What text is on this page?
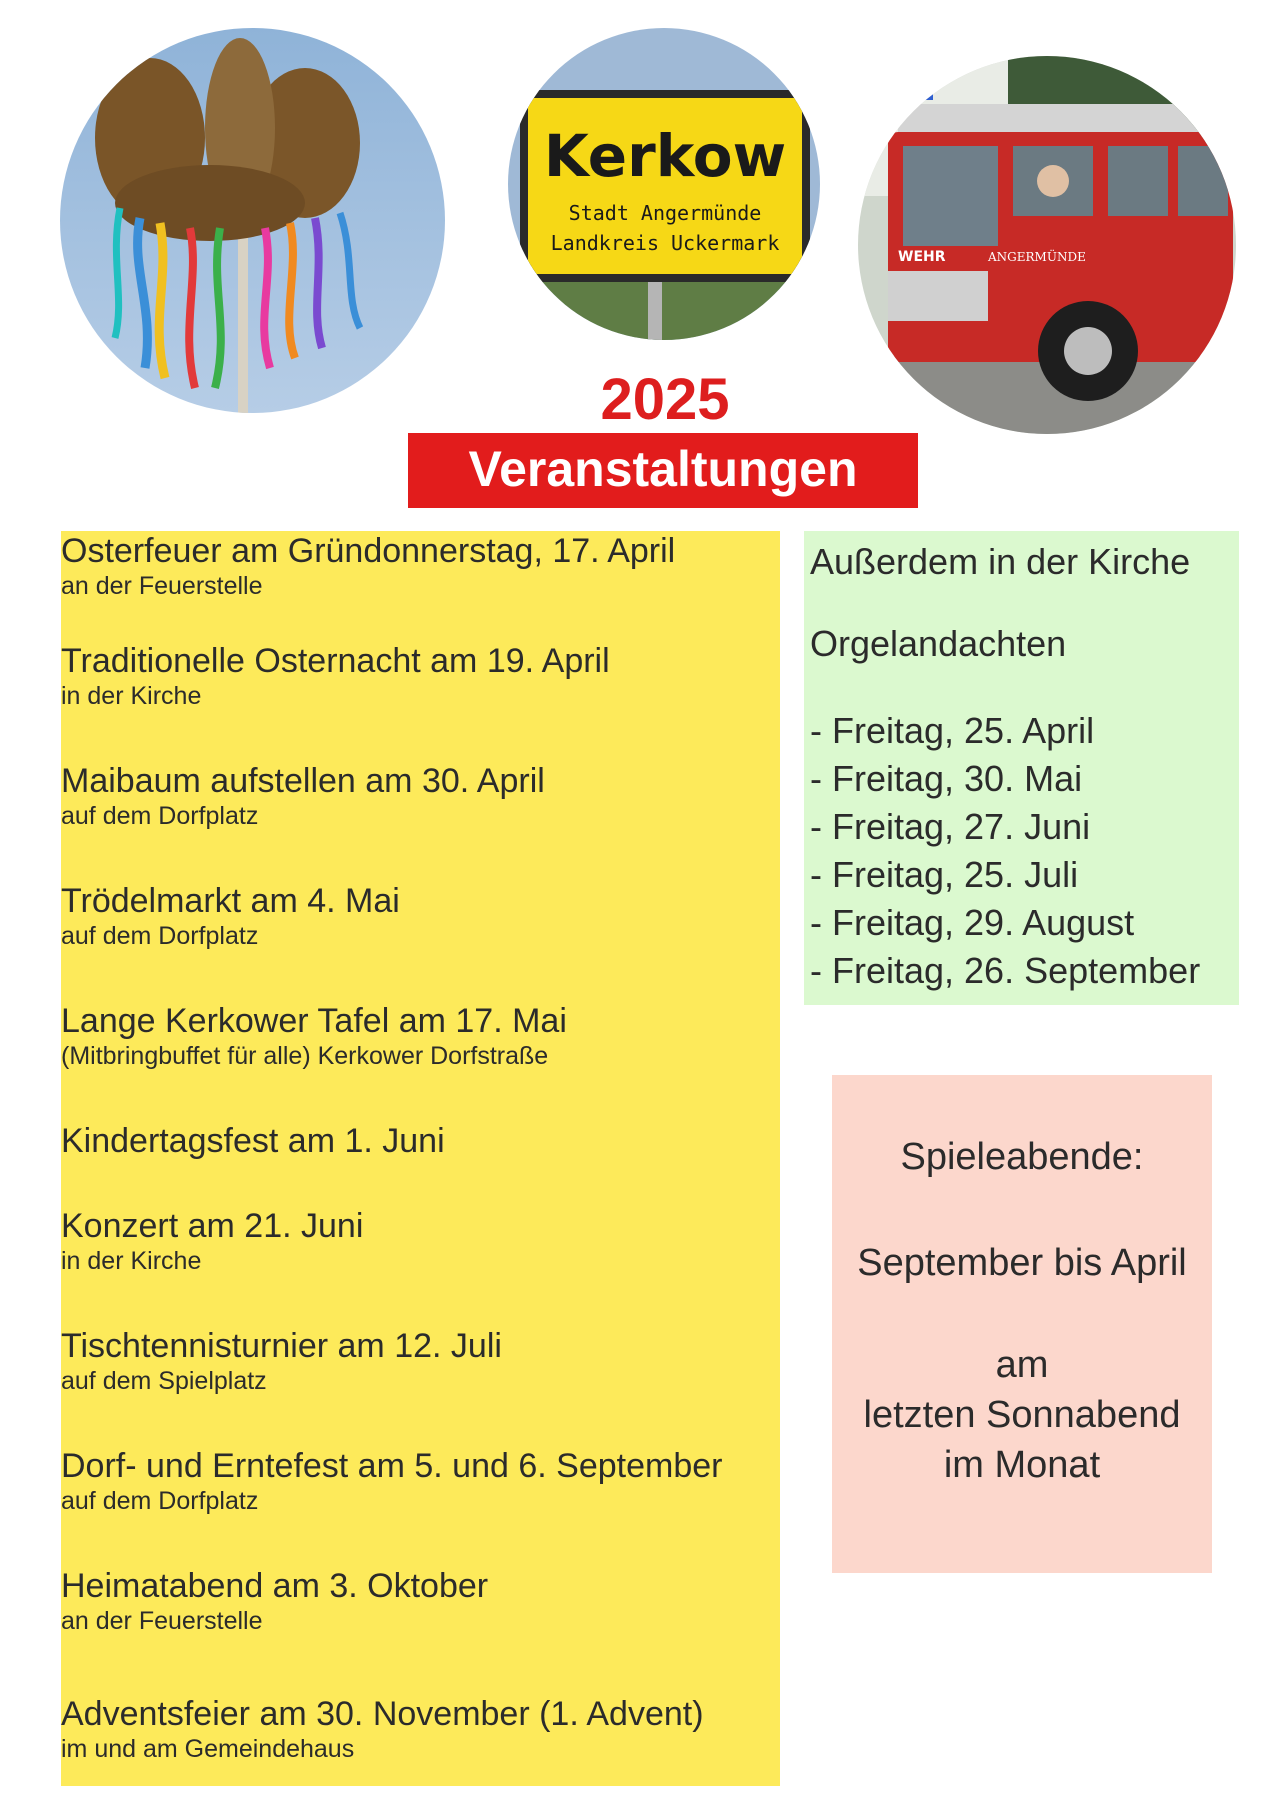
Kerkow
Stadt Angermünde
Landkreis Uckermark
WEHR	ANGERMÜNDE
2025
Veranstaltungen
Osterfeuer am Gründonnerstag, 17. April
an der Feuerstelle
Traditionelle Osternacht am 19. April
in der Kirche
Maibaum aufstellen am 30. April
auf dem Dorfplatz
Trödelmarkt am 4. Mai
auf dem Dorfplatz
Lange Kerkower Tafel am 17. Mai
(Mitbringbuffet für alle) Kerkower Dorfstraße
Kindertagsfest am 1. Juni
Konzert am 21. Juni
in der Kirche
Tischtennisturnier am 12. Juli
auf dem Spielplatz
Dorf- und Erntefest am 5. und 6. September
auf dem Dorfplatz
Heimatabend am 3. Oktober
an der Feuerstelle
Adventsfeier am 30. November (1. Advent)
im und am Gemeindehaus
Außerdem in der Kirche
Orgelandachten
- Freitag, 25. April
- Freitag, 30. Mai
- Freitag, 27. Juni
- Freitag, 25. Juli
- Freitag, 29. August
- Freitag, 26. September
Spieleabende:
September bis April
am
letzten Sonnabend
im Monat
